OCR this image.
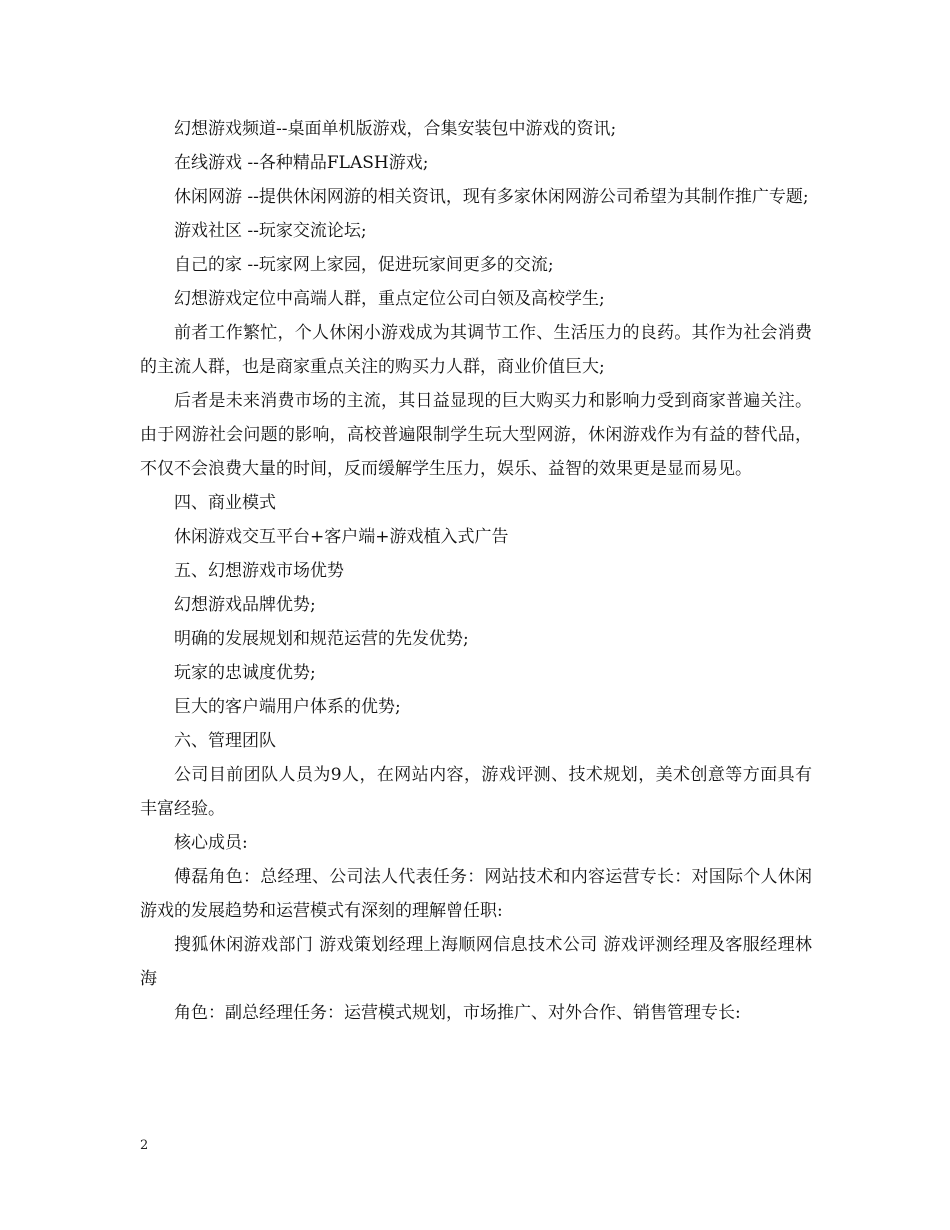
幻想游戏频道--桌面单机版游戏，合集安装包中游戏的资讯;

在线游戏 --各种精品FLASH游戏;

休闲网游 --提供休闲网游的相关资讯，现有多家休闲网游公司希望为其制作推广专题;

游戏社区 --玩家交流论坛;

自己的家 --玩家网上家园，促进玩家间更多的交流;

幻想游戏定位中高端人群，重点定位公司白领及高校学生;

前者工作繁忙，个人休闲小游戏成为其调节工作、生活压力的良药。其作为社会消费的主流人群，也是商家重点关注的购买力人群，商业价值巨大;

后者是未来消费市场的主流，其日益显现的巨大购买力和影响力受到商家普遍关注。由于网游社会问题的影响，高校普遍限制学生玩大型网游，休闲游戏作为有益的替代品，不仅不会浪费大量的时间，反而缓解学生压力，娱乐、益智的效果更是显而易见。

四、商业模式

休闲游戏交互平台+客户端+游戏植入式广告

五、幻想游戏市场优势

幻想游戏品牌优势;

明确的发展规划和规范运营的先发优势;

玩家的忠诚度优势;

巨大的客户端用户体系的优势;

六、管理团队

公司目前团队人员为9人，在网站内容，游戏评测、技术规划，美术创意等方面具有丰富经验。

核心成员:

傅磊角色：总经理、公司法人代表任务：网站技术和内容运营专长：对国际个人休闲游戏的发展趋势和运营模式有深刻的理解曾任职:

搜狐休闲游戏部门 游戏策划经理上海顺网信息技术公司 游戏评测经理及客服经理林海

角色：副总经理任务：运营模式规划，市场推广、对外合作、销售管理专长:

2
